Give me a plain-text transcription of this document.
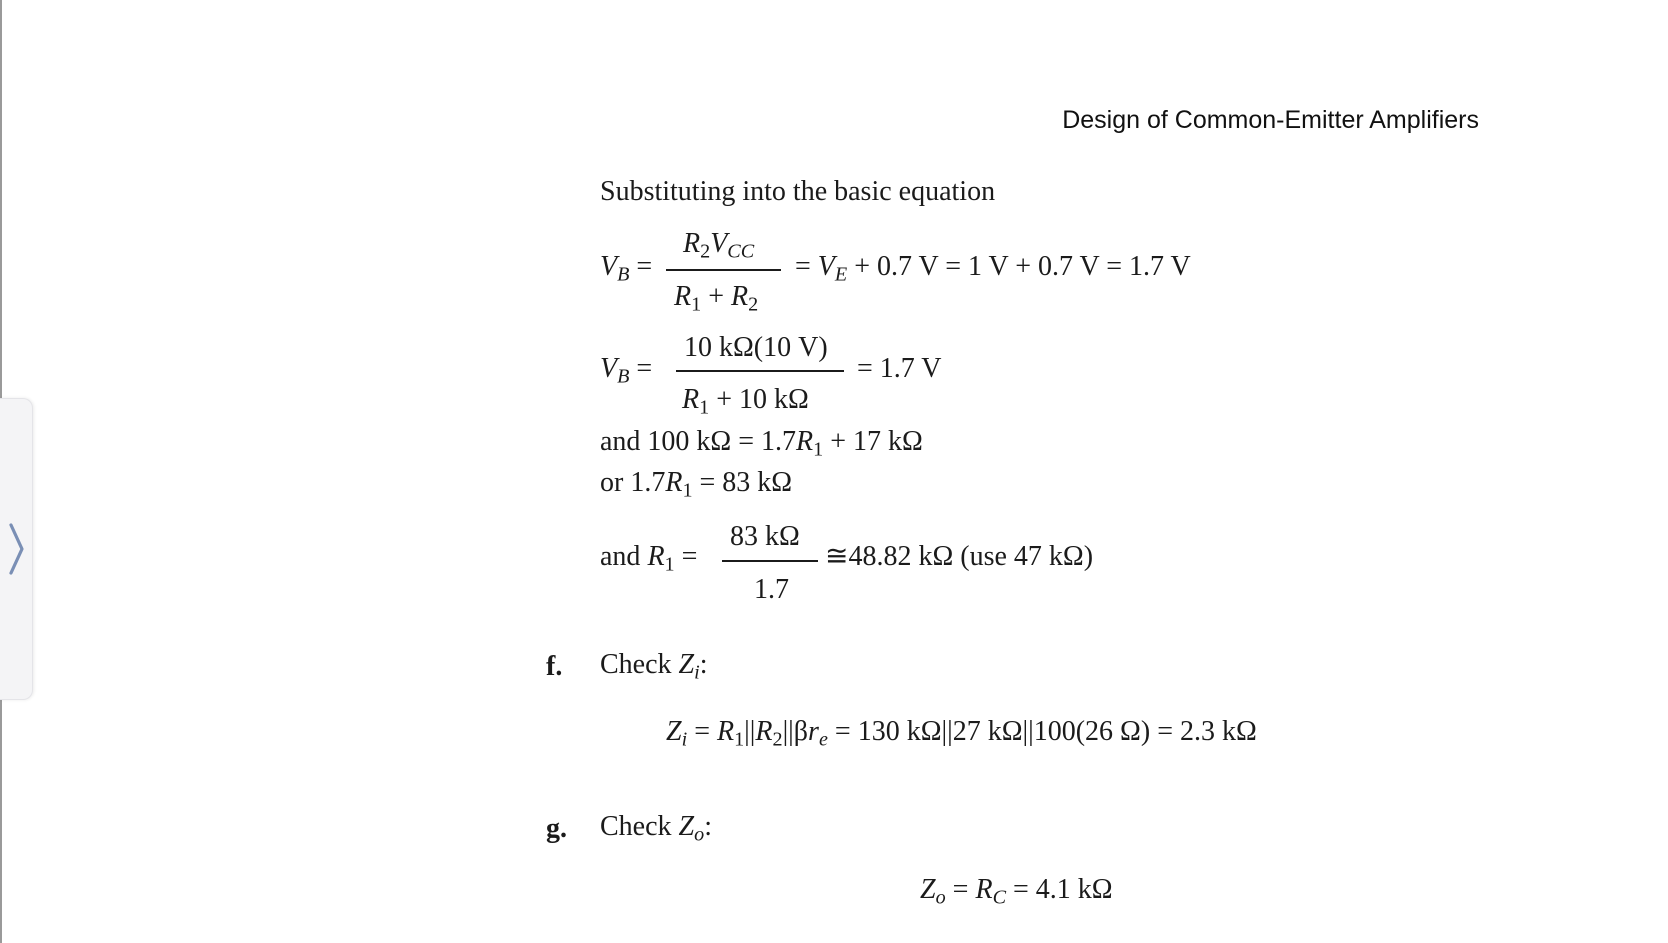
Design of Common-Emitter Amplifiers
Substituting into the basic equation
$V_B$ =
$R_2V_{CC}$
$R_1 + R_2$
= $V_E + 0.7$ V = 1 V + 0.7 V = 1.7 V
$V_B$ =
10 kΩ(10 V)
$R_1 + 10$ kΩ
= 1.7 V
and 100 $k\Omega = 1.7R_1 + 17$ kΩ
or $1.7R_1 = 83$ kΩ
and $R_1$ =
83 kΩ
1.7
≅48.82 kΩ (use 47 kΩ)
f. Check $Z_i$:
$Z_i = R_1||R_2||\beta r_e = 130$ kΩ||27 kΩ||100(26 Ω) = 2.3 kΩ
g. Check $Z_o$:
$Z_o = R_C = 4.1$ kΩ
